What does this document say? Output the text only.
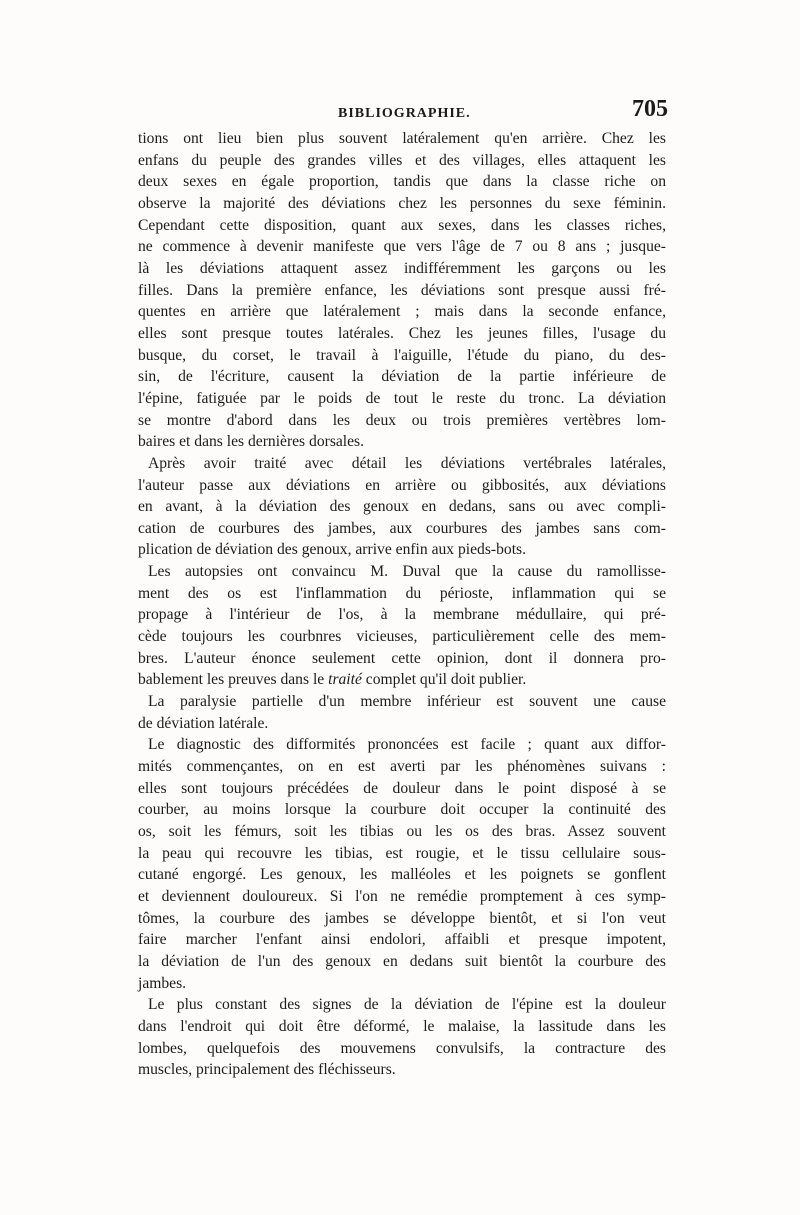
BIBLIOGRAPHIE.	705
tions ont lieu bien plus souvent latéralement qu'en arrière. Chez les
enfans du peuple des grandes villes et des villages, elles attaquent les
deux sexes en égale proportion, tandis que dans la classe riche on
observe la majorité des déviations chez les personnes du sexe féminin.
Cependant cette disposition, quant aux sexes, dans les classes riches,
ne commence à devenir manifeste que vers l'âge de 7 ou 8 ans ; jusque-
là les déviations attaquent assez indifféremment les garçons ou les
filles. Dans la première enfance, les déviations sont presque aussi fré-
quentes en arrière que latéralement ; mais dans la seconde enfance,
elles sont presque toutes latérales. Chez les jeunes filles, l'usage du
busque, du corset, le travail à l'aiguille, l'étude du piano, du des-
sin, de l'écriture, causent la déviation de la partie inférieure de
l'épine, fatiguée par le poids de tout le reste du tronc. La déviation
se montre d'abord dans les deux ou trois premières vertèbres lom-
baires et dans les dernières dorsales.
Après avoir traité avec détail les déviations vertébrales latérales,
l'auteur passe aux déviations en arrière ou gibbosités, aux déviations
en avant, à la déviation des genoux en dedans, sans ou avec compli-
cation de courbures des jambes, aux courbures des jambes sans com-
plication de déviation des genoux, arrive enfin aux pieds-bots.
Les autopsies ont convaincu M. Duval que la cause du ramollisse-
ment des os est l'inflammation du périoste, inflammation qui se
propage à l'intérieur de l'os, à la membrane médullaire, qui pré-
cède toujours les courbnres vicieuses, particulièrement celle des mem-
bres. L'auteur énonce seulement cette opinion, dont il donnera pro-
bablement les preuves dans le traité complet qu'il doit publier.
La paralysie partielle d'un membre inférieur est souvent une cause
de déviation latérale.
Le diagnostic des difformités prononcées est facile ; quant aux diffor-
mités commençantes, on en est averti par les phénomènes suivans :
elles sont toujours précédées de douleur dans le point disposé à se
courber, au moins lorsque la courbure doit occuper la continuité des
os, soit les fémurs, soit les tibias ou les os des bras. Assez souvent
la peau qui recouvre les tibias, est rougie, et le tissu cellulaire sous-
cutané engorgé. Les genoux, les malléoles et les poignets se gonflent
et deviennent douloureux. Si l'on ne remédie promptement à ces symp-
tômes, la courbure des jambes se développe bientôt, et si l'on veut
faire marcher l'enfant ainsi endolori, affaibli et presque impotent,
la déviation de l'un des genoux en dedans suit bientôt la courbure des
jambes.
Le plus constant des signes de la déviation de l'épine est la douleur
dans l'endroit qui doit être déformé, le malaise, la lassitude dans les
lombes, quelquefois des mouvemens convulsifs, la contracture des
muscles, principalement des fléchisseurs.
